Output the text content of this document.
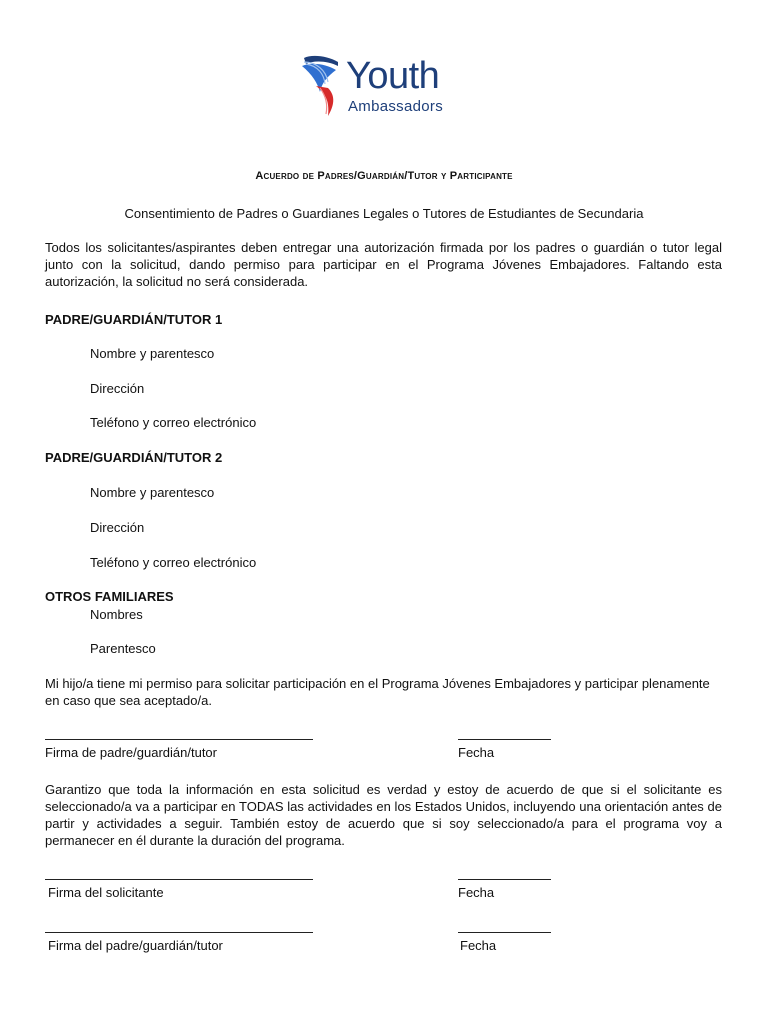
Youth
Ambassadors

Acuerdo de Padres/Guardián/Tutor y Participante

Consentimiento de Padres o Guardianes Legales o Tutores de Estudiantes de Secundaria

Todos los solicitantes/aspirantes deben entregar una autorización firmada por los padres o guardián o tutor legal junto con la solicitud, dando permiso para participar en el Programa Jóvenes Embajadores. Faltando esta autorización, la solicitud no será considerada.

PADRE/GUARDIÁN/TUTOR 1

Nombre y parentesco

Dirección

Teléfono y correo electrónico

PADRE/GUARDIÁN/TUTOR 2

Nombre y parentesco

Dirección

Teléfono y correo electrónico

OTROS FAMILIARES

Nombres

Parentesco

Mi hijo/a tiene mi permiso para solicitar participación en el Programa Jóvenes Embajadores y participar plenamente en caso que sea aceptado/a.

Firma de padre/guardián/tutor	Fecha

Garantizo que toda la información en esta solicitud es verdad y estoy de acuerdo de que si el solicitante es seleccionado/a va a participar en TODAS las actividades en los Estados Unidos, incluyendo una orientación antes de partir y actividades a seguir. También estoy de acuerdo que si soy seleccionado/a para el programa voy a permanecer en él durante la duración del programa.

Firma del solicitante	Fecha

Firma del padre/guardián/tutor	Fecha
